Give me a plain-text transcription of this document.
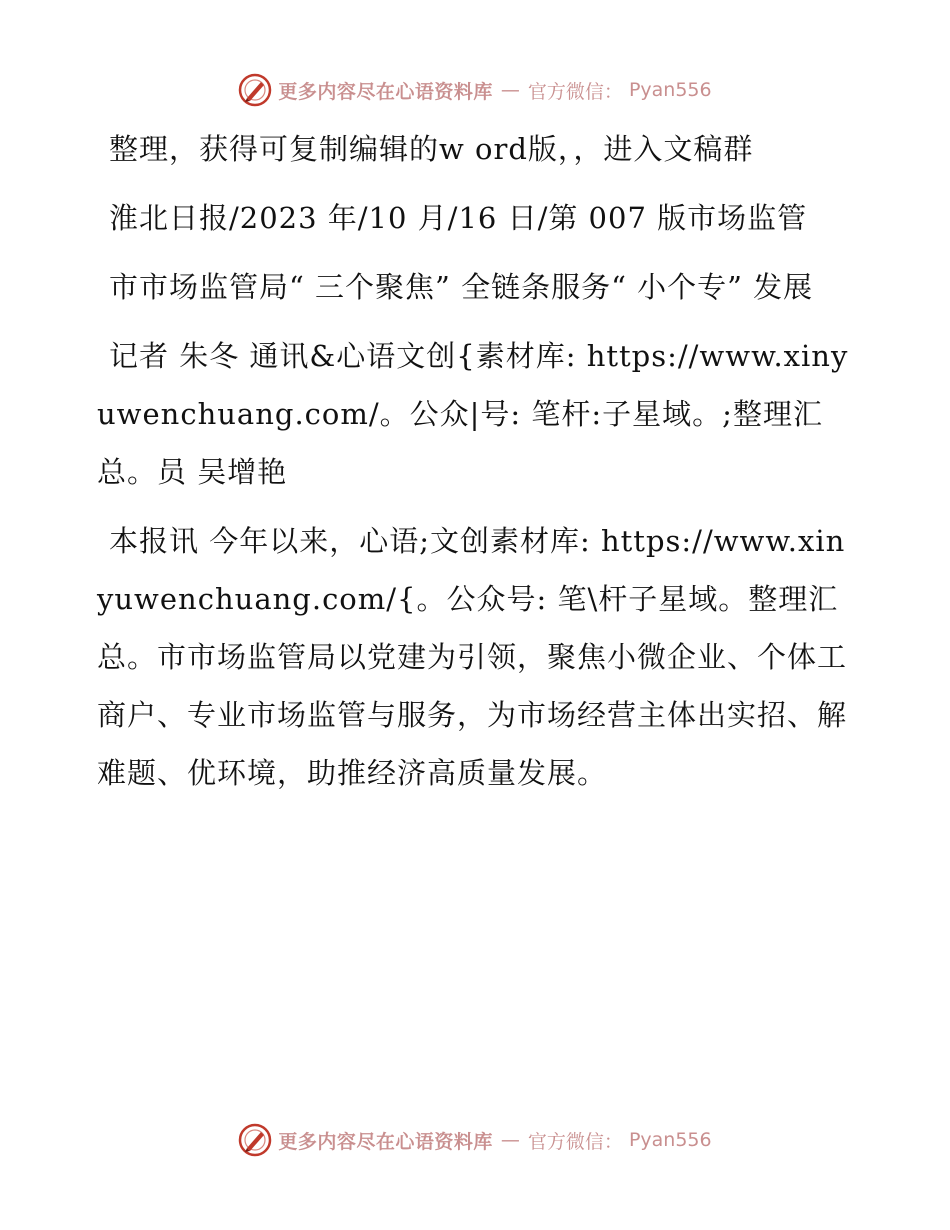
更多内容尽在心语资料库 — 官方微信： Pyan556

整理，获得可复制编辑的w ord版，，进入文稿群

淮北日报/2023 年/10 月/16 日/第 007 版市场监管

市市场监管局“ 三个聚焦” 全链条服务“ 小个专” 发展

记者 朱冬 通讯&心语文创{素材库: https://www.xinyuwenchuang.com/。公众|号: 笔杆:子星域。;整理汇总。员 吴增艳

本报讯 今年以来，心语;文创素材库: https://www.xinyuwenchuang.com/{。公众号: 笔\杆子星域。整理汇总。市市场监管局以党建为引领，聚焦小微企业、个体工商户、专业市场监管与服务，为市场经营主体出实招、解难题、优环境，助推经济高质量发展。

更多内容尽在心语资料库 — 官方微信： Pyan556
